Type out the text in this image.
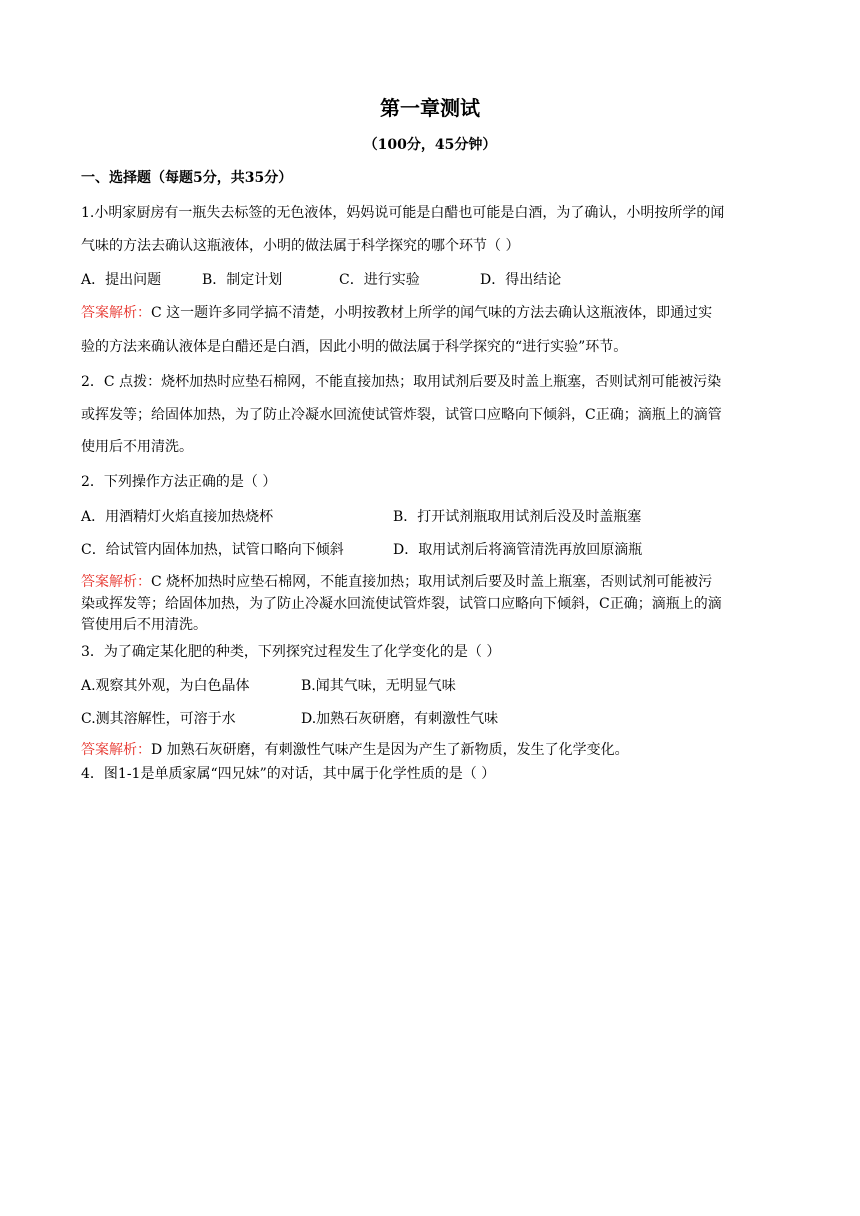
第一章测试
（100分，45分钟）
一、选择题（每题5分，共35分）
1.小明家厨房有一瓶失去标签的无色液体，妈妈说可能是白醋也可能是白酒，为了确认，小明按所学的闻
气味的方法去确认这瓶液体，小明的做法属于科学探究的哪个环节（ ）
A．提出问题	B．制定计划	C．进行实验	D．得出结论
答案解析：C 这一题许多同学搞不清楚，小明按教材上所学的闻气味的方法去确认这瓶液体，即通过实
验的方法来确认液体是白醋还是白酒，因此小明的做法属于科学探究的“进行实验”环节。
2．C 点拨：烧杯加热时应垫石棉网，不能直接加热；取用试剂后要及时盖上瓶塞，否则试剂可能被污染
或挥发等；给固体加热，为了防止冷凝水回流使试管炸裂，试管口应略向下倾斜，C正确；滴瓶上的滴管
使用后不用清洗。
2．下列操作方法正确的是（ ）
A．用酒精灯火焰直接加热烧杯	B．打开试剂瓶取用试剂后没及时盖瓶塞
C．给试管内固体加热，试管口略向下倾斜	D．取用试剂后将滴管清洗再放回原滴瓶
答案解析：C 烧杯加热时应垫石棉网，不能直接加热；取用试剂后要及时盖上瓶塞，否则试剂可能被污
染或挥发等；给固体加热，为了防止冷凝水回流使试管炸裂，试管口应略向下倾斜，C正确；滴瓶上的滴
管使用后不用清洗。
3．为了确定某化肥的种类，下列探究过程发生了化学变化的是（ ）
A.观察其外观，为白色晶体	B.闻其气味，无明显气味
C.测其溶解性，可溶于水	D.加熟石灰研磨，有刺激性气味
答案解析：D 加熟石灰研磨，有刺激性气味产生是因为产生了新物质，发生了化学变化。
4．图1-1是单质家属“四兄妹”的对话，其中属于化学性质的是（ ）
